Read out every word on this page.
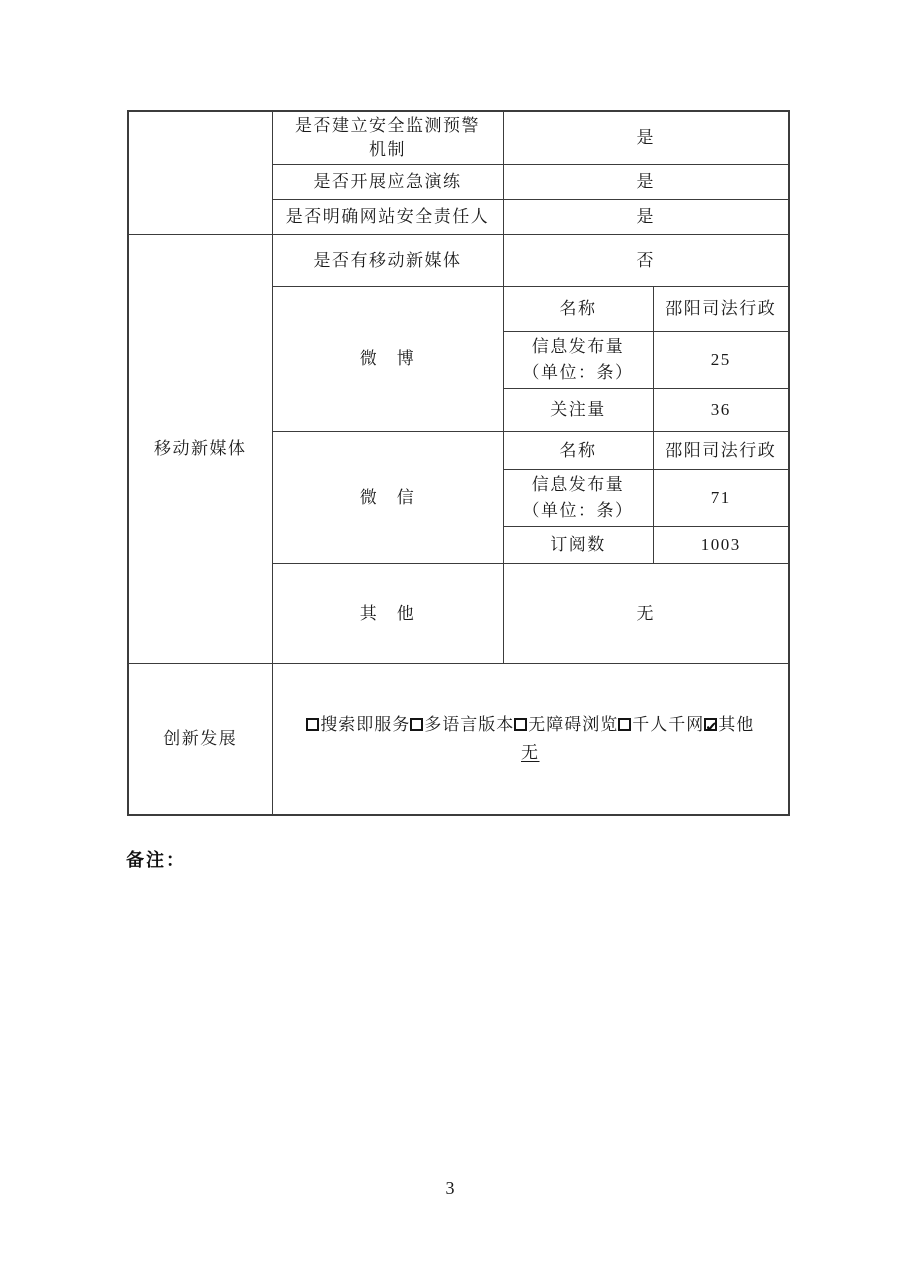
	是否建立安全监测预警机制	是	
	是否开展应急演练	是	
	是否明确网站安全责任人	是	
移动新媒体	是否有移动新媒体	否	
	微　博	名称	邵阳司法行政

		信息发布量
（单位：条）	25
		关注量	36
	微　信	名称	邵阳司法行政

		信息发布量
（单位：条）	71
		订阅数	1003
	其　他	无	
创新发展	搜索即服务 多语言版本 无障碍浏览 千人千网 ✔ 其他
无
备注：
3
